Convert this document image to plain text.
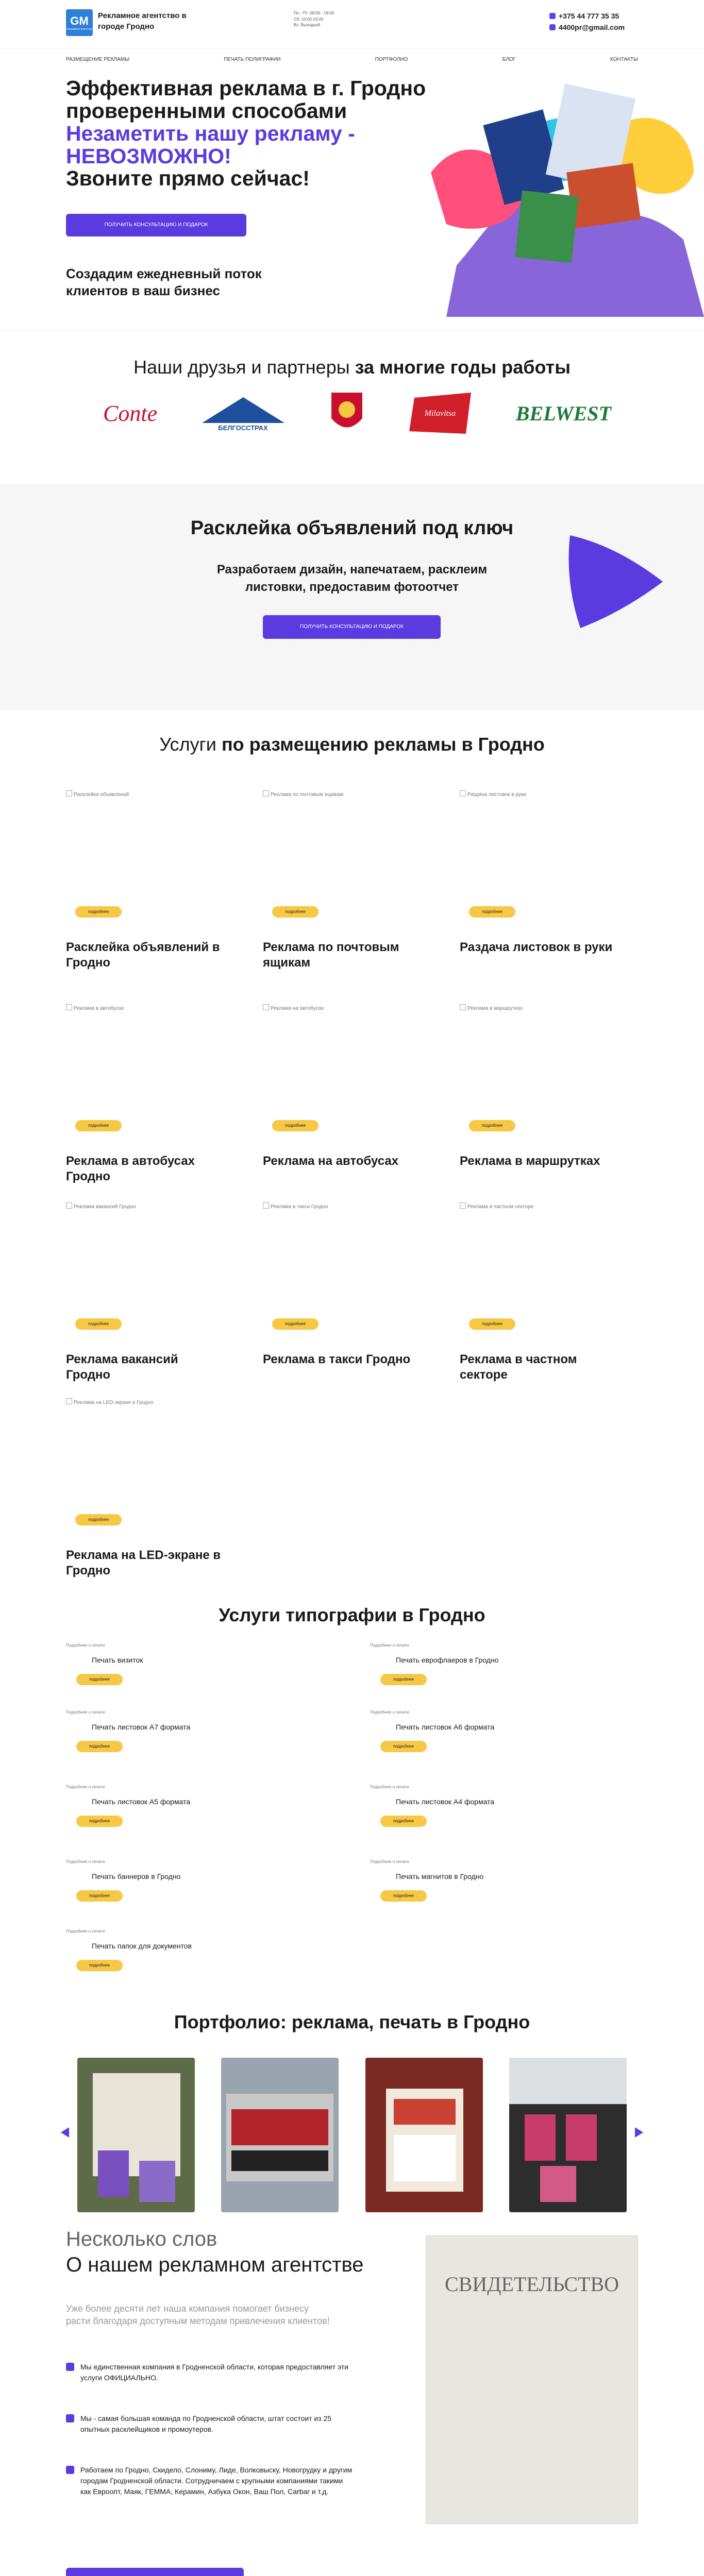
GM
Рекламное агентство
Рекламное агентство в городе Гродно
Пн - Пт: 09:00 - 18:00
Сб: 10:00-15:00
Вс: Выходной
+375 44 777 35 35
4400pr@gmail.com
РАЗМЕЩЕНИЕ РЕКЛАМЫ	ПЕЧАТЬ ПОЛИГРАФИИ	ПОРТФОЛИО	БЛОГ	КОНТАКТЫ
Эффективная реклама в г. Гродно проверенными способами
Незаметить нашу рекламу - НЕВОЗМОЖНО!
Звоните прямо сейчас!
ПОЛУЧИТЬ КОНСУЛЬТАЦИЮ И ПОДАРОК
Создадим ежедневный поток клиентов в ваш бизнес
Наши друзья и партнеры за многие годы работы
Conte
БЕЛГОССТРАХ
Milavitsa	BELWEST
Расклейка объявлений под ключ

Разработаем дизайн, напечатаем, расклеим листовки, предоставим фотоотчет

ПОЛУЧИТЬ КОНСУЛЬТАЦИЮ И ПОДАРОК
Услуги по размещению рекламы в Гродно
Расклейка объявлений
подробнее
Расклейка объявлений в Гродно
Реклама по почтовым ящикам
подробнее
Реклама по почтовым ящикам
Раздача листовок в руки
подробнее
Раздача листовок в руки
Реклама в автобусах
подробнее
Реклама в автобусах Гродно
Реклама на автобусах
подробнее
Реклама на автобусах
Реклама в маршрутках
подробнее
Реклама в маршрутках
Реклама вакансий Гродно
подробнее
Реклама вакансий Гродно
Реклама в такси Гродно
подробнее
Реклама в такси Гродно
Реклама в частном секторе
подробнее
Реклама в частном секторе
Реклама на LED-экране в Гродно
подробнее
Реклама на LED-экране в Гродно
Услуги типографии в Гродно
Подробнее о печати
Печать визиток
подробнее
Подробнее о печати
Печать еврофлаеров в Гродно
подробнее
Подробнее о печати
Печать листовок А7 формата
подробнее
Подробнее о печати
Печать листовок А6 формата
подробнее
Подробнее о печати
Печать листовок А5 формата
подробнее
Подробнее о печати
Печать листовок А4 формата
подробнее
Подробнее о печати
Печать баннеров в Гродно
подробнее
Подробнее о печати
Печать магнитов в Гродно
подробнее
Подробнее о печати
Печать папок для документов
подробнее
Портфолио: реклама, печать в Гродно
Несколько слов
О нашем рекламном агентстве
Уже более десяти лет наша компания помогает бизнесу расти благодаря доступным методам привлечения клиентов!
Мы единственная компания в Гродненской области, которая предоставляет эти услуги ОФИЦИАЛЬНО.
Мы - самая большая команда по Гродненской области, штат состоит из 25 опытных расклейщиков и промоутеров.
Работаем по Гродно, Скидело, Слониму, Лиде, Волковыску, Новогрудку и другим городам Гродненской области. Сотрудничаем с крупными компаниями такими как Евроопт, Маяк, ГЕММА, Керамин, Азбука Окон, Ваш Пол, Carbar и т.д.
СВИДЕТЕЛЬСТВО
